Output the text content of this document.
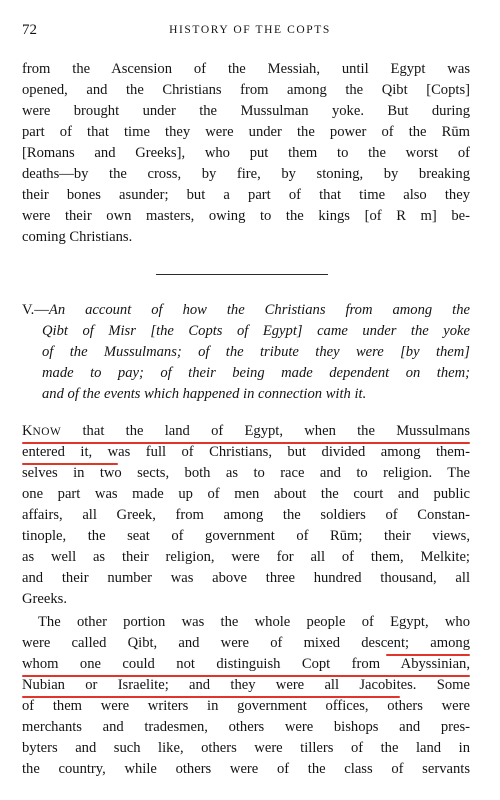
72	HISTORY OF THE COPTS
from the Ascension of the Messiah, until Egypt was
opened, and the Christians from among the Qibt [Copts]
were brought under the Mussulman yoke. But during
part of that time they were under the power of the Rūm
[Romans and Greeks], who put them to the worst of
deaths—by the cross, by fire, by stoning, by breaking
their bones asunder; but a part of that time also they
were their own masters, owing to the kings [of R m] be-
coming Christians.
V.—An account of how the Christians from among the
Qibt of Misr [the Copts of Egypt] came under the yoke
of the Mussulmans; of the tribute they were [by them]
made to pay; of their being made dependent on them;
and of the events which happened in connection with it.
KNOW that the land of Egypt, when the Mussulmans
entered it, was full of Christians, but divided among them-
selves in two sects, both as to race and to religion. The
one part was made up of men about the court and public
affairs, all Greek, from among the soldiers of Constan-
tinople, the seat of government of Rūm; their views,
as well as their religion, were for all of them, Melkite;
and their number was above three hundred thousand, all
Greeks.
The other portion was the whole people of Egypt, who
were called Qibt, and were of mixed descent; among
whom one could not distinguish Copt from Abyssinian,
Nubian or Israelite; and they were all Jacobites. Some
of them were writers in government offices, others were
merchants and tradesmen, others were bishops and pres-
byters and such like, others were tillers of the land in
the country, while others were of the class of servants
